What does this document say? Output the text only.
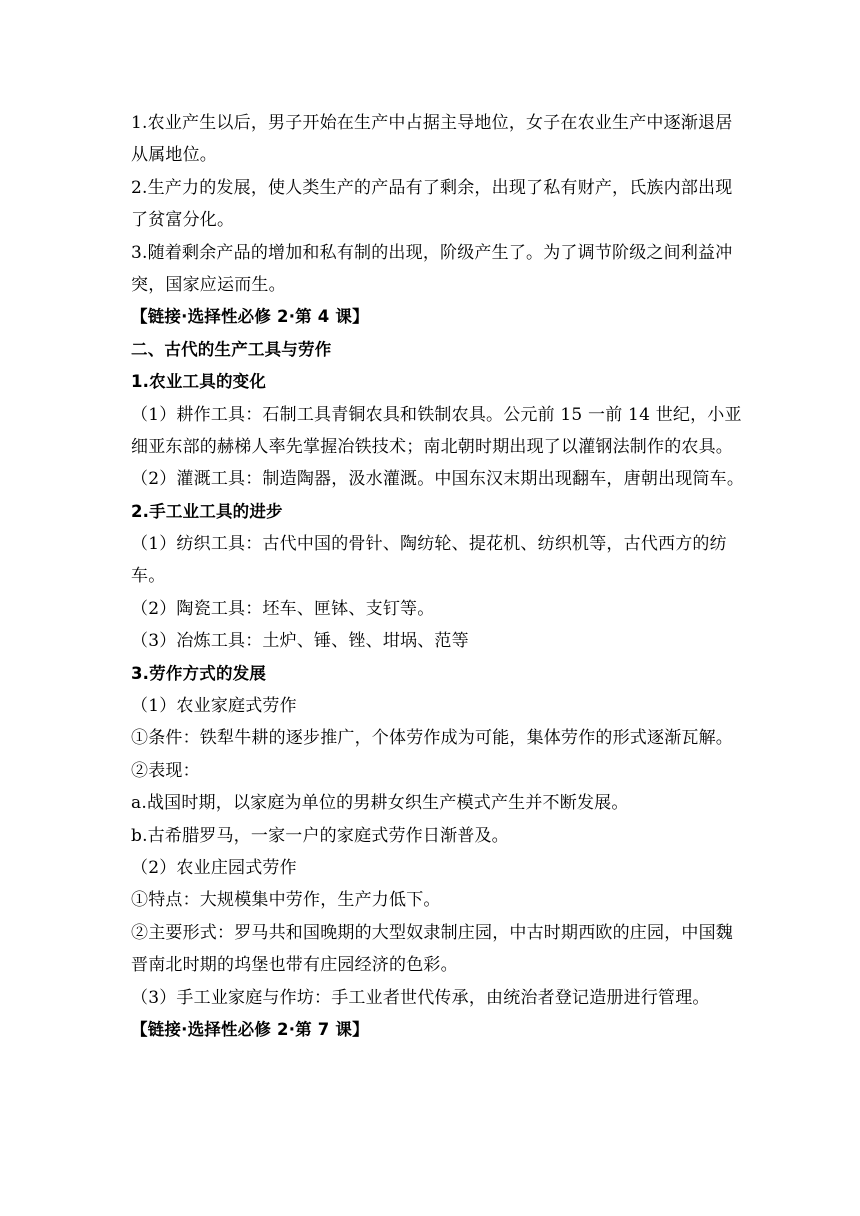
1.农业产生以后，男子开始在生产中占据主导地位，女子在农业生产中逐渐退居
从属地位。
2.生产力的发展，使人类生产的产品有了剩余，出现了私有财产，氏族内部出现
了贫富分化。
3.随着剩余产品的增加和私有制的出现，阶级产生了。为了调节阶级之间利益冲
突，国家应运而生。
【链接·选择性必修 2·第 4 课】
二、古代的生产工具与劳作
1.农业工具的变化
（1）耕作工具：石制工具青铜农具和铁制农具。公元前 15 一前 14 世纪，小亚
细亚东部的赫梯人率先掌握冶铁技术；南北朝时期出现了以灌钢法制作的农具。
（2）灌溉工具：制造陶器，汲水灌溉。中国东汉末期出现翻车，唐朝出现筒车。
2.手工业工具的进步
（1）纺织工具：古代中国的骨针、陶纺轮、提花机、纺织机等，古代西方的纺
车。
（2）陶瓷工具：坯车、匣钵、支钉等。
（3）冶炼工具：土炉、锤、锉、坩埚、范等
3.劳作方式的发展
（1）农业家庭式劳作
①条件：铁犁牛耕的逐步推广，个体劳作成为可能，集体劳作的形式逐渐瓦解。
②表现：
a.战国时期，以家庭为单位的男耕女织生产模式产生并不断发展。
b.古希腊罗马，一家一户的家庭式劳作日渐普及。
（2）农业庄园式劳作
①特点：大规模集中劳作，生产力低下。
②主要形式：罗马共和国晚期的大型奴隶制庄园，中古时期西欧的庄园，中国魏
晋南北时期的坞堡也带有庄园经济的色彩。
（3）手工业家庭与作坊：手工业者世代传承，由统治者登记造册进行管理。
【链接·选择性必修 2·第 7 课】
